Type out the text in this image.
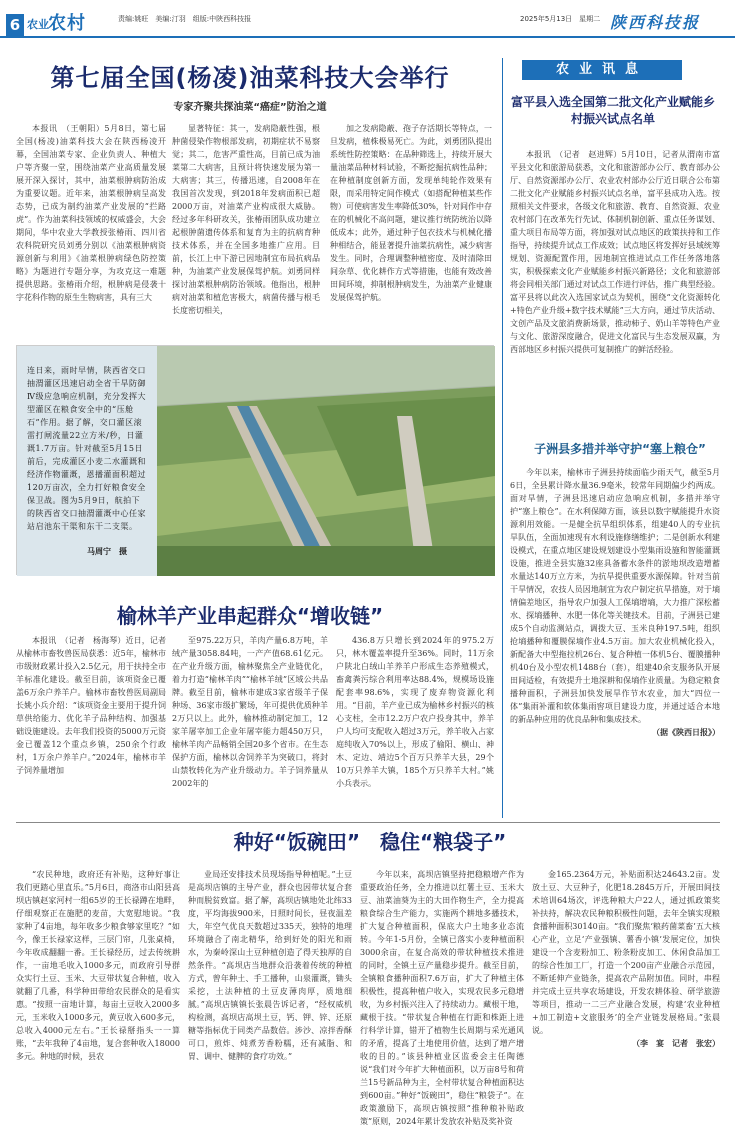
6 农业 农村	责编:姚旺　美编:汀羽　组版:中陕西科技报	2025年5月13日　星期二 陕西科技报
第七届全国(杨凌)油菜科技大会举行
专家齐聚共探油菜“癌症”防治之道

本报讯　（王朝阳）5月8日，第七届全国(杨凌)油菜科技大会在陕西杨凌开幕，全国油菜专家、企业负责人、种植大户等齐聚一堂，围绕油菜产业高质量发展展开深入探讨，其中，油菜根肿病防治成为重要议题。近年来，油菜根肿病呈高发态势，已成为制约油菜产业发展的“拦路虎”。作为油菜科技领域的权威盛会，大会期间，华中农业大学教授张椿雨、四川省农科院研究员刘勇分别以《油菜根肿病资源创新与利用》《油菜根肿病绿色防控策略》为题进行专题分享，为攻克这一难题提供思路。张椿雨介绍，根肿病是侵袭十字花科作物的原生生物病害，具有三大

显著特征：其一，发病隐蔽性强，根肿菌侵染作物根部发病，初期症状不易察觉；其二，危害严重性高，目前已成为油菜第二大病害，且预计将快速发展为第一大病害；其三，传播迅速，自2008年在我国首次发现，到2018年发病面积已超2000万亩，对油菜产业构成很大威胁。经过多年科研攻关，张椿雨团队成功建立起根肿菌遗传体系和复育为主的抗病育种技术体系，并在全国多地推广应用。目前，长江上中下游已因地制宜布局抗病品种，为油菜产业发展保驾护航。刘勇同样探讨油菜根肿病防治领域。他指出，根肿病对油菜和植危害极大，病菌传播与根毛长度密切相关，

加之发病隐蔽、孢子存活期长等特点，一旦发病，植株极易死亡。为此，刘勇团队提出系统性防控策略：在品种筛选上，持续开展大量油菜品种材料试验，不断挖掘抗病性品种；在种植制度创新方面，发现单纯轮作效果有限，而采用特定间作模式（如搭配种植某些作物）可使病害发生率降低30%，针对间作中存在的机械化不高问题，建议推行统防统治以降低成本；此外，通过种子包衣技术与机械化播种相结合，能显著提升油菜抗病性，减少病害发生。同时，合理调整种植密度、及时清除田间杂草、优化耕作方式等措施，也能有效改善田间环境，抑制根肿病发生，为油菜产业健康发展保驾护航。

连日来，雨时早情，陕西省交口抽渭灌区迅速启动全省干旱防御Ⅳ级应急响应机制，充分发挥大型灌区在粮食安全中的“压舱石”作用。据了解，交口灌区滚雷打闸流量22立方米/秒，日灌溉1.7万亩。针对截至5月15日前后，完成灌区小麦二水灌溉和经济作物灌溉，恩播灌面积超过120万亩次，全力打好粮食安全保卫战。图为5月9日，航拍下的陕西省交口抽渭灌溉中心任家站启池东干渠和东干二支渠。
马周宁　摄
榆林羊产业串起群众“增收链”

本报讯　（记者　杨海琴）近日，记者从榆林市畜牧兽医局获悉：近5年，榆林市市级财政累计投入2.5亿元，用于扶持全市羊标准化建设。截至目前，该项资金已覆盖6万余户养羊户。榆林市畜牧兽医局副局长姚小兵介绍：“该项资金主要用于提升饲草供给能力、优化羊子品种结构、加强基础设施建设。去年我们投资的5000万元资金已覆盖12个重点乡镇，250余个行政村，1万余户养羊户。”2024年，榆林市羊子饲养量增加

至975.22万只，羊肉产量6.8万吨，羊绒产量3058.84吨，一产产值68.61亿元。在产业升级方面，榆林聚焦全产业链优化，着力打造“榆林羊肉”“榆林羊绒”区域公共品牌。截至目前，榆林市建成3家省级羊子保种场、36家市级扩繁场，年可提供优质种羊2万只以上。此外，榆林推动制定加工，12家羊屠宰加工企业年屠宰能力超450万只，榆林羊肉产品畅销全国20多个省市。在生态保护方面，榆林以舍饲养羊为突破口，将封山禁牧转化为产业升级动力。羊子饲养量从2002年的

436.8万只增长到2024年的975.2万只，林木覆盖率提升至36%。同时，11万余户陕北白绒山羊养羊户形成生态养殖模式，畜禽粪污综合利用率达88.4%，规模场设施配套率98.6%，实现了废弃物资源化利用。“目前，羊产业已成为榆林乡村振兴的核心支柱，全市12.2万户农户投身其中，养羊户人均可支配收入超过3万元，养羊收入占家庭纯收入70%以上，形成了榆阳、横山、神木、定边、靖边5个百万只养羊大县，29个10万只养羊大镇，185个万只养羊大村。”姚小兵表示。

种好“饭碗田”　稳住“粮袋子”

“农民种地，政府还有补贴，这种好事让我们更踏心里直乐。”5月6日，商洛市山阳县高坝店镇赵家河村一组65岁的王长禄蹲在地畔，仔细观察正在施肥的麦苗，大宽慰地说。“我家种了4亩地，每年收多少粮食够家里吃？”如今，像王长禄家这样，三层门帘，几张桌椅，今年收成翻翻一番。王长禄经历，过去传统耕作，一亩地毛收入1000多元，而政府引导群众实行土豆、玉米、大豆带状复合种植，收入就翻了几番，科学种田带给农民群众的是看实惠。“按照一亩地计算，每亩土豆收入2000多元，玉米收入1000多元，黄豆收入600多元，总收入4000元左右。”王长禄掰指头一一算账，“去年我种了4亩地，复合套种收入18000多元。种地的时候，县农

业局还安排技术员现场指导种植呢。”土豆是高坝店镇的主导产业，群众也因带状复合套种而脱贫致富。据了解，高坝店镇地处北纬33度，平均海拔900米，日照时间长，昼夜温差大，年空气优良天数超过335天，独特的地理环境融合了南北精华，给到好处的阳光和雨水，为秦岭深山土豆种植创造了得天独厚的自然条件。“高坝店当地群众沿袭着传统的种植方式，曾年种土、手工播种，山泉灌溉，锄头采挖，土法种植的土豆皮薄肉厚，质地细腻。”高坝店镇镇长张晨告诉记者，“经权威机构检测，高坝店高坝土豆，钙、钾、锌、还原糖等指标优于同类产品数倍。涉沙、凉拌香酥可口，煎炸、炖煮芳香粉糯，还有减脂、和胃、调中、健脾的食疗功效。”

今年以来，高坝店镇坚持把稳粮增产作为重要政治任务，全力推进以红薯土豆、玉米大豆、油菜油葵为主的大田作物生产，全力提高粮食综合生产能力，实施两个耕地多播技术，扩大复合种植面积，保底大户土地多业态流转。今年1-5月份，全镇已落实小麦种植面积3000余亩，在复合高效的带状种植技术推进的同时，全镇土豆产量稳步提升。截至目前，全镇粮食播种面积7.6万亩，扩大了种植主体积极性，提高种植户收入，实现农民多元稳增收，为乡村振兴注入了持续动力。藏根干地，藏根于技。“带状复合种植在行距和株距上进行科学计算，错开了植物生长周期与采光通风的矛盾，提高了土地使用价值，达到了增产增收的目的。”该县种植业区监委会主任陶德说“我们对今年扩大种植面积，以万亩8号和荷兰15号新品种为主，全村带状复合种植面积达到600亩。”种好“饭碗田”，稳住“粮袋子”。在政策激励下，高坝店镇按照“推种粮补贴政策”原则，2024年累计发放农补贴及奖补资

金165.2364万元，补贴面积达24643.2亩。发放土豆、大豆种子，化肥18.2845万斤，开展田间技术培训64场次，评选种粮大户22人，通过抓政策奖补扶持，解决农民种粮积极性问题，去年全镇实现粮食播种面积30140亩。“我们聚焦‘粮药菌菜畜’五大核心产业，立足‘产业强镇、薯香小镇’发展定位，加快建设一个含麦粉加工、粉条粉皮加工、休闲食品加工的综合性加工厂，打造一个200亩产业融合示范园，不断延伸产业链条，提高农产品附加值。同时，串程并完成土豆共享农场建设，开发农耕体验、研学旅游等项目，推动一二三产业融合发展，构建‘农业种植+加工制造+文旅服务’的全产业链发展格局。”张晨说。

（李　宴　记者　张宏）
农业讯息
富平县入选全国第二批文化产业赋能乡村振兴试点名单

本报讯　（记者　赵进辉）5月10日，记者从渭南市富平县文化和旅游局获悉，文化和旅游部办公厅、教育部办公厅、自然资源部办公厅、农业农村部办公厅近日联合公布第二批文化产业赋能乡村振兴试点名单，富平县成功入选。按照相关文件要求，各级文化和旅游、教育、自然资源、农业农村部门在改革先行先试、体制机制创新、重点任务谋划、重大项目布局等方面，将加强对试点地区的政策扶持和工作指导，持续提升试点工作成效；试点地区将发挥好县域统筹规划、资源配置作用，因地制宜推进试点工作任务落地落实，积极探索文化产业赋能乡村振兴新路径；文化和旅游部将会同相关部门通过对试点工作进行评估，推广典型经验。富平县将以此次入选国家试点为契机，围绕“文化资源转化+特色产业升级+数字技术赋能”三大方向，通过节庆活动、文创产品及文旅消费新场景，推动柿子、奶山羊等特色产业与文化、旅游深度融合，促进文化富民与生态发展双赢，为西部地区乡村振兴提供可复制推广的鲜活经验。

子洲县多措并举守护“塞上粮仓”

今年以来，榆林市子洲县持续面临少雨天气，截至5月6日，全县累计降水量36.9毫米，较常年同期偏少约两成。面对旱情，子洲县迅速启动应急响应机制，多措并举守护“塞上粮仓”。在水利保障方面，该县以数字赋能提升水资源利用效能。一是健全抗旱组织体系，组建40人的专业抗旱队伍，全面加速现有水利设施修缮维护；二是创新水利建设模式，在重点地区建设规划建设小型集雨设施和智能灌溉设施，推进全县实施32座具备蓄水条件的淤地坝改造增蓄水量达140万立方米，为抗旱提供重要水源保障。针对当前干旱情况，农技人员因地制宜为农户制定抗旱措施，对于墒情偏差地区，指导农户加强人工保墒增墒，大力推广深松蓄水、探墒播种、水肥一体化等关键技术。目前，子洲县已建成5个自动监测站点，调拨大豆、玉米良种197.5吨，组织抢墒播种和覆膜保墒作业4.5万亩。加大农业机械化投入，新配备大中型拖拉机26台、复合种植一体机5台、覆膜播种机40台及小型农机1488台（套），组建40余支服务队开展田间适检，有效提升土地深耕和保墒作业质量。为稳定粮食播种面积，子洲县加快发展旱作节水农业，加大“四位一体”集雨补灌和软体集雨窖项目建设力度，并通过适合本地的新品种应用的优良品种和集成技术。

（据《陕西日报》）
